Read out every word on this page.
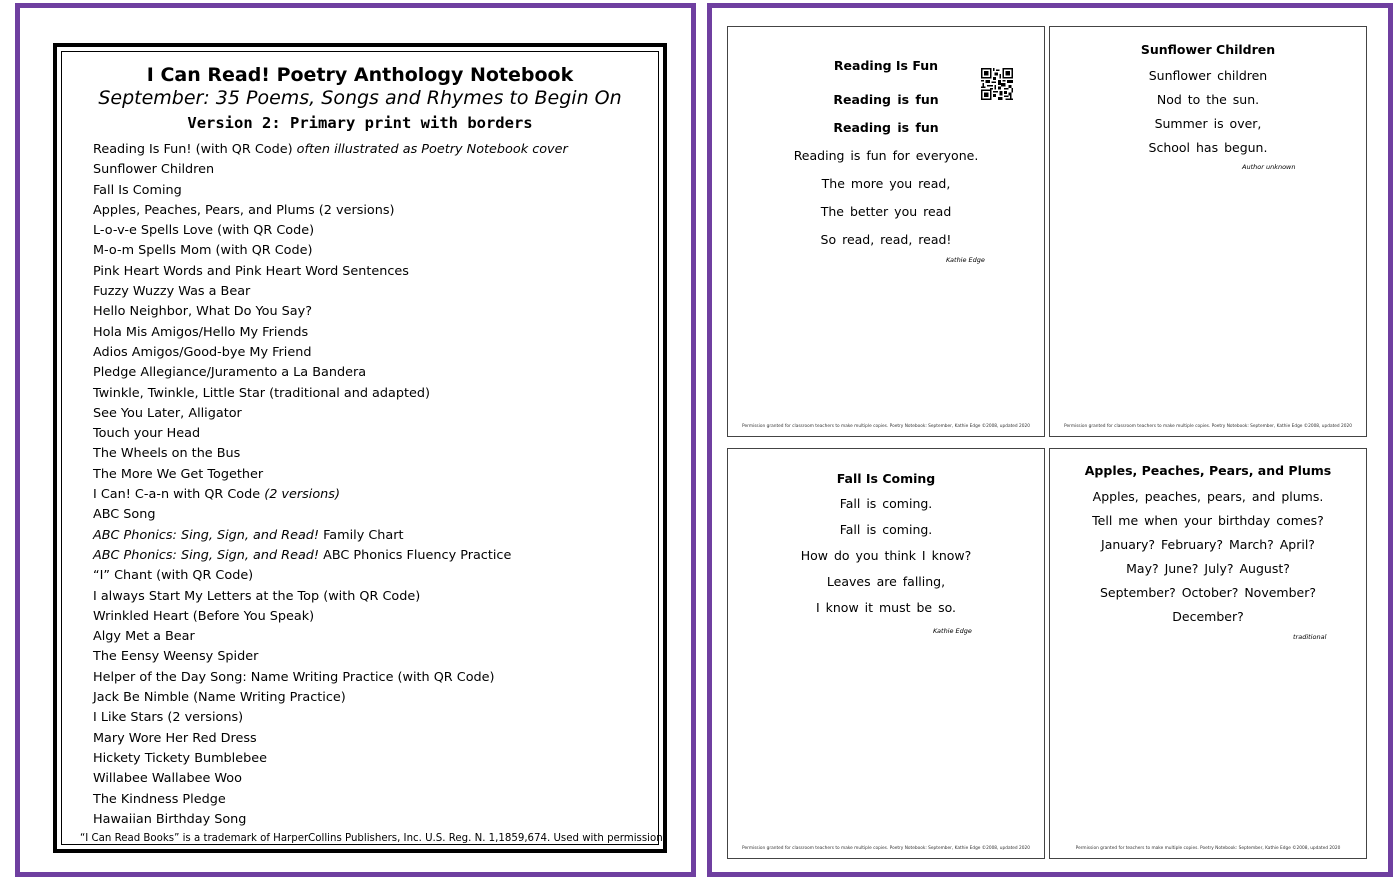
I Can Read! Poetry Anthology Notebook
September: 35 Poems, Songs and Rhymes to Begin On
Version 2: Primary print with borders
Reading Is Fun! (with QR Code) often illustrated as Poetry Notebook cover
Sunflower Children
Fall Is Coming
Apples, Peaches, Pears, and Plums (2 versions)
L-o-v-e Spells Love (with QR Code)
M-o-m Spells Mom (with QR Code)
Pink Heart Words and Pink Heart Word Sentences
Fuzzy Wuzzy Was a Bear
Hello Neighbor, What Do You Say?
Hola Mis Amigos/Hello My Friends
Adios Amigos/Good-bye My Friend
Pledge Allegiance/Juramento a La Bandera
Twinkle, Twinkle, Little Star (traditional and adapted)
See You Later, Alligator
Touch your Head
The Wheels on the Bus
The More We Get Together
I Can! C-a-n with QR Code (2 versions)
ABC Song
ABC Phonics: Sing, Sign, and Read! Family Chart
ABC Phonics: Sing, Sign, and Read! ABC Phonics Fluency Practice
“I” Chant (with QR Code)
I always Start My Letters at the Top (with QR Code)
Wrinkled Heart (Before You Speak)
Algy Met a Bear
The Eensy Weensy Spider
Helper of the Day Song: Name Writing Practice (with QR Code)
Jack Be Nimble (Name Writing Practice)
I Like Stars (2 versions)
Mary Wore Her Red Dress
Hickety Tickety Bumblebee
Willabee Wallabee Woo
The Kindness Pledge
Hawaiian Birthday Song
“I Can Read Books” is a trademark of HarperCollins Publishers, Inc. U.S. Reg. N. 1,1859,674. Used with permission.
Reading Is Fun
Reading is fun
Reading is fun
Reading is fun for everyone.
The more you read,
The better you read
So read, read, read!
Kathie Edge
Permission granted for classroom teachers to make multiple copies. Poetry Notebook: September, Kathie Edge ©2008, updated 2020
Sunflower Children
Sunflower children
Nod to the sun.
Summer is over,
School has begun.
Author unknown
Permission granted for classroom teachers to make multiple copies. Poetry Notebook: September, Kathie Edge ©2008, updated 2020
Fall Is Coming
Fall is coming.
Fall is coming.
How do you think I know?
Leaves are falling,
I know it must be so.
Kathie Edge
Permission granted for classroom teachers to make multiple copies. Poetry Notebook: September, Kathie Edge ©2008, updated 2020
Apples, Peaches, Pears, and Plums
Apples, peaches, pears, and plums.
Tell me when your birthday comes?
January? February? March? April?
May? June? July? August?
September? October? November?
December?
traditional
Permission granted for teachers to make multiple copies. Poetry Notebook: September, Kathie Edge ©2008, updated 2020
